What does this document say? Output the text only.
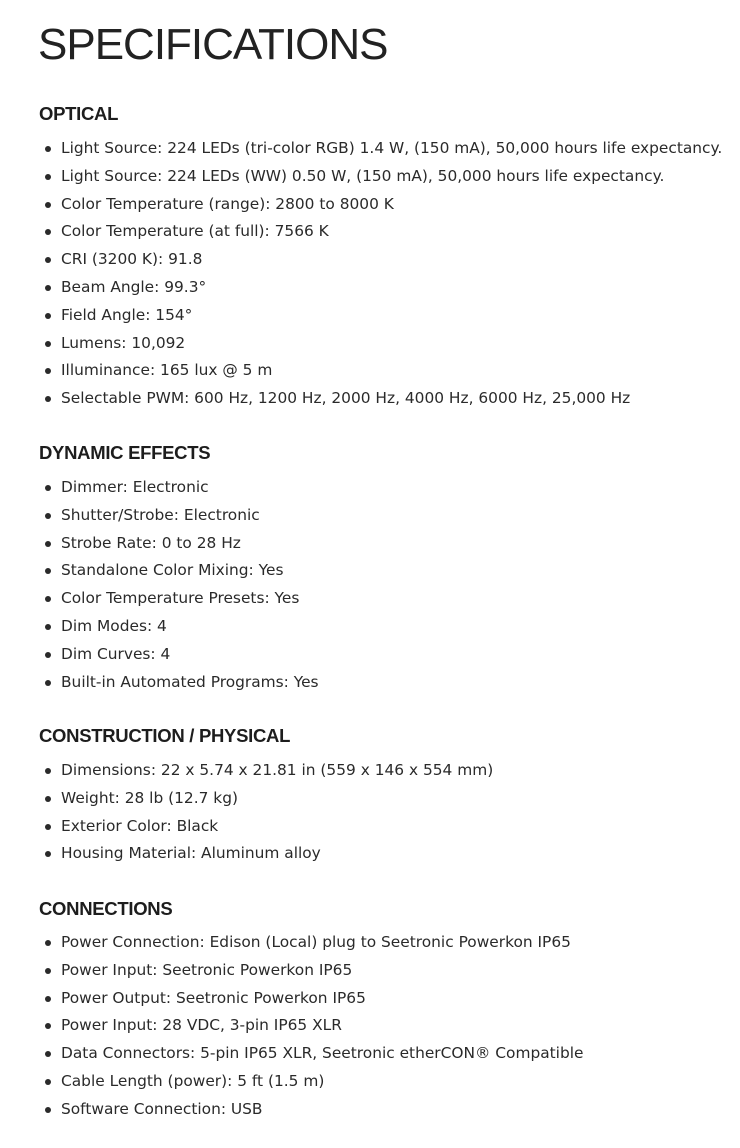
SPECIFICATIONS
OPTICAL
Light Source: 224 LEDs (tri-color RGB) 1.4 W, (150 mA), 50,000 hours life expectancy.
Light Source: 224 LEDs (WW) 0.50 W, (150 mA), 50,000 hours life expectancy.
Color Temperature (range): 2800 to 8000 K
Color Temperature (at full): 7566 K
CRI (3200 K): 91.8
Beam Angle: 99.3°
Field Angle: 154°
Lumens: 10,092
Illuminance: 165 lux @ 5 m
Selectable PWM: 600 Hz, 1200 Hz, 2000 Hz, 4000 Hz, 6000 Hz, 25,000 Hz
DYNAMIC EFFECTS
Dimmer: Electronic
Shutter/Strobe: Electronic
Strobe Rate: 0 to 28 Hz
Standalone Color Mixing: Yes
Color Temperature Presets: Yes
Dim Modes: 4
Dim Curves: 4
Built-in Automated Programs: Yes
CONSTRUCTION / PHYSICAL
Dimensions: 22 x 5.74 x 21.81 in (559 x 146 x 554 mm)
Weight: 28 lb (12.7 kg)
Exterior Color: Black
Housing Material: Aluminum alloy
CONNECTIONS
Power Connection: Edison (Local) plug to Seetronic Powerkon IP65
Power Input: Seetronic Powerkon IP65
Power Output: Seetronic Powerkon IP65
Power Input: 28 VDC, 3-pin IP65 XLR
Data Connectors: 5-pin IP65 XLR, Seetronic etherCON® Compatible
Cable Length (power): 5 ft (1.5 m)
Software Connection: USB
